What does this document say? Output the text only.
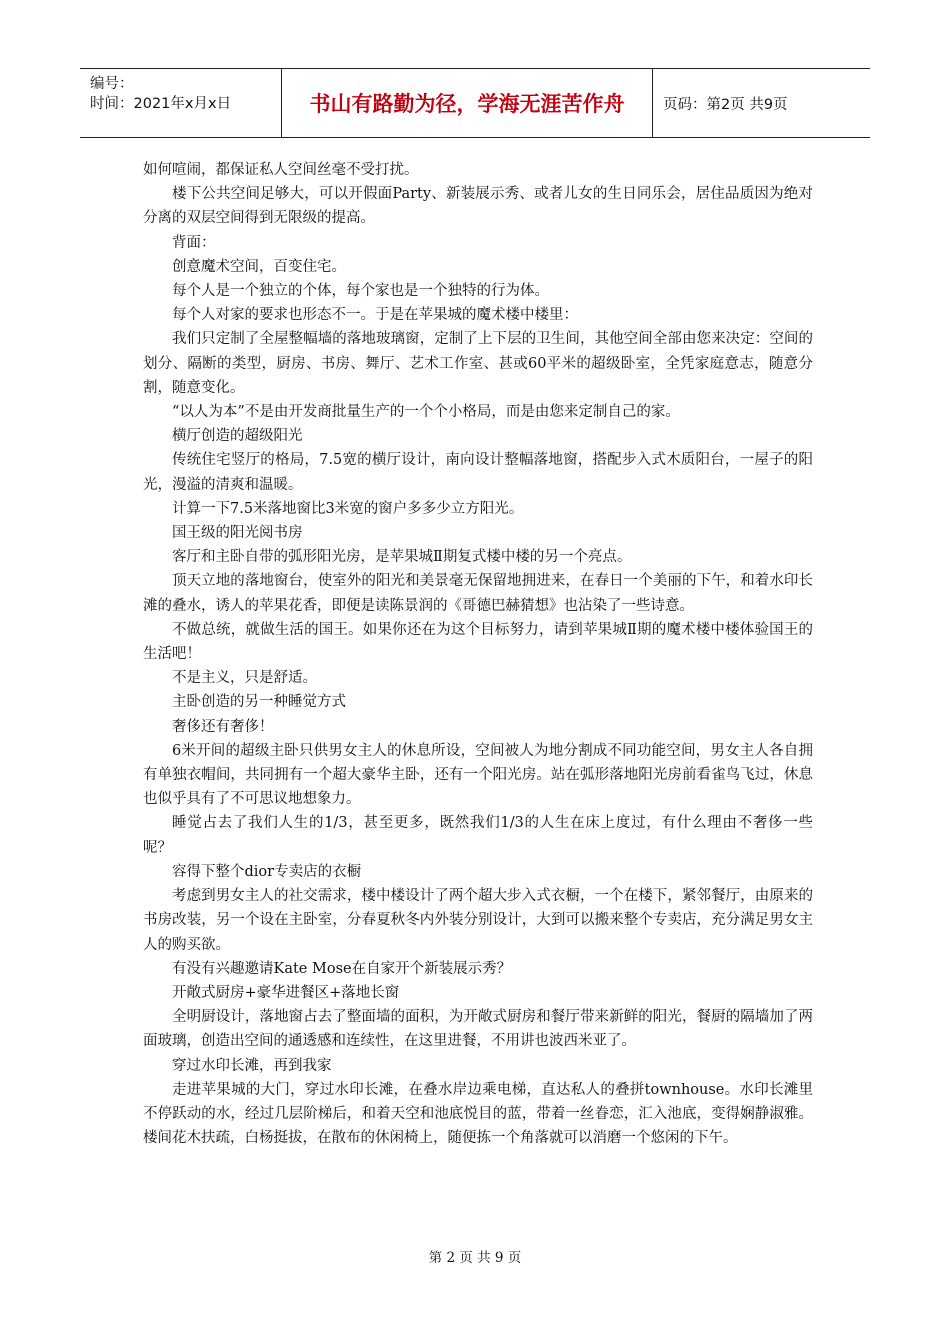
编号：
时间：2021年x月x日	书山有路勤为径，学海无涯苦作舟	页码：第2页 共9页

如何喧闹，都保证私人空间丝毫不受打扰。

楼下公共空间足够大，可以开假面Party、新装展示秀、或者儿女的生日同乐会，居住品质因为绝对分离的双层空间得到无限级的提高。

背面：

创意魔术空间，百变住宅。

每个人是一个独立的个体，每个家也是一个独特的行为体。

每个人对家的要求也形态不一。于是在苹果城的魔术楼中楼里：

我们只定制了全屋整幅墙的落地玻璃窗，定制了上下层的卫生间，其他空间全部由您来决定：空间的划分、隔断的类型，厨房、书房、舞厅、艺术工作室、甚或60平米的超级卧室，全凭家庭意志，随意分割，随意变化。

“以人为本”不是由开发商批量生产的一个个小格局，而是由您来定制自己的家。

横厅创造的超级阳光

传统住宅竖厅的格局，7.5宽的横厅设计，南向设计整幅落地窗，搭配步入式木质阳台，一屋子的阳光，漫溢的清爽和温暖。

计算一下7.5米落地窗比3米宽的窗户多多少立方阳光。

国王级的阳光阅书房

客厅和主卧自带的弧形阳光房，是苹果城Ⅱ期复式楼中楼的另一个亮点。

顶天立地的落地窗台，使室外的阳光和美景毫无保留地拥进来，在春日一个美丽的下午，和着水印长滩的叠水，诱人的苹果花香，即便是读陈景润的《哥德巴赫猜想》也沾染了一些诗意。

不做总统，就做生活的国王。如果你还在为这个目标努力，请到苹果城Ⅱ期的魔术楼中楼体验国王的生活吧！

不是主义，只是舒适。

主卧创造的另一种睡觉方式

奢侈还有奢侈！

6米开间的超级主卧只供男女主人的休息所设，空间被人为地分割成不同功能空间，男女主人各自拥有单独衣帽间，共同拥有一个超大豪华主卧，还有一个阳光房。站在弧形落地阳光房前看雀鸟飞过，休息也似乎具有了不可思议地想象力。

睡觉占去了我们人生的1/3，甚至更多，既然我们1/3的人生在床上度过，有什么理由不奢侈一些呢？

容得下整个dior专卖店的衣橱

考虑到男女主人的社交需求，楼中楼设计了两个超大步入式衣橱，一个在楼下，紧邻餐厅，由原来的书房改装，另一个设在主卧室，分春夏秋冬内外装分别设计，大到可以搬来整个专卖店，充分满足男女主人的购买欲。

有没有兴趣邀请Kate Mose在自家开个新装展示秀？

开敞式厨房+豪华进餐区+落地长窗

全明厨设计，落地窗占去了整面墙的面积，为开敞式厨房和餐厅带来新鲜的阳光，餐厨的隔墙加了两面玻璃，创造出空间的通透感和连续性，在这里进餐，不用讲也波西米亚了。

穿过水印长滩，再到我家

走进苹果城的大门，穿过水印长滩，在叠水岸边乘电梯，直达私人的叠拼townhouse。水印长滩里不停跃动的水，经过几层阶梯后，和着天空和池底悦目的蓝，带着一丝眷恋，汇入池底，变得娴静淑雅。楼间花木扶疏，白杨挺拔，在散布的休闲椅上，随便拣一个角落就可以消磨一个悠闲的下午。

第 2 页 共 9 页
